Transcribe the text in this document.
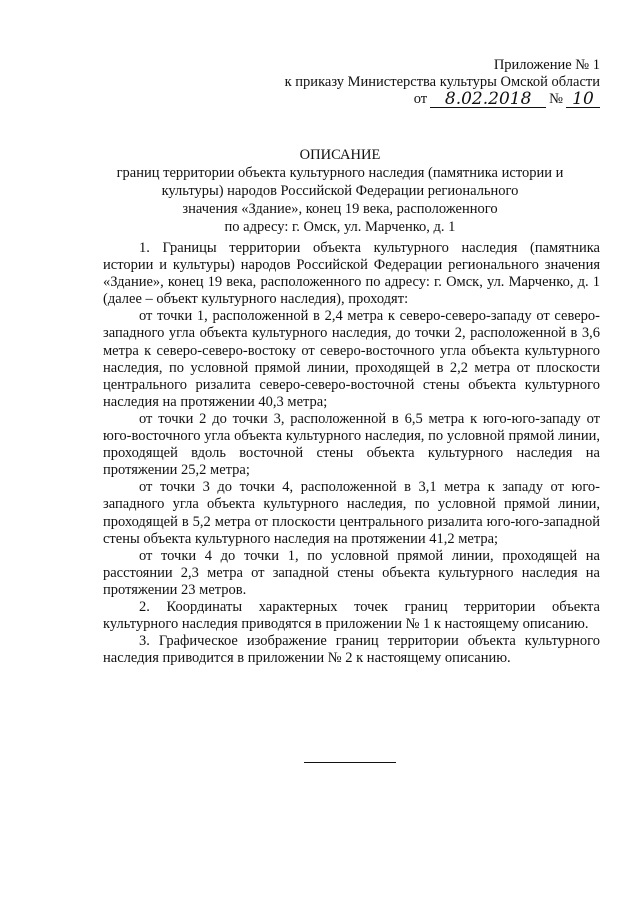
Приложение № 1
к приказу Министерства культуры Омской области
от	8.02.2018	№ 10
ОПИСАНИЕ
границ территории объекта культурного наследия (памятника истории и
культуры) народов Российской Федерации регионального
значения «Здание», конец 19 века, расположенного
по адресу: г. Омск, ул. Марченко, д. 1

1. Границы территории объекта культурного наследия (памятника истории и культуры) народов Российской Федерации регионального значения «Здание», конец 19 века, расположенного по адресу: г. Омск, ул. Марченко, д. 1 (далее – объект культурного наследия), проходят:

от точки 1, расположенной в 2,4 метра к северо-северо-западу от северо-западного угла объекта культурного наследия, до точки 2, расположенной в 3,6 метра к северо-северо-востоку от северо-восточного угла объекта культурного наследия, по условной прямой линии, проходящей в 2,2 метра от плоскости центрального ризалита северо-северо-восточной стены объекта культурного наследия на протяжении 40,3 метра;

от точки 2 до точки 3, расположенной в 6,5 метра к юго-юго-западу от юго-восточного угла объекта культурного наследия, по условной прямой линии, проходящей вдоль восточной стены объекта культурного наследия на протяжении 25,2 метра;

от точки 3 до точки 4, расположенной в 3,1 метра к западу от юго-западного угла объекта культурного наследия, по условной прямой линии, проходящей в 5,2 метра от плоскости центрального ризалита юго-юго-западной стены объекта культурного наследия на протяжении 41,2 метра;

от точки 4 до точки 1, по условной прямой линии, проходящей на расстоянии 2,3 метра от западной стены объекта культурного наследия на протяжении 23 метров.

2. Координаты характерных точек границ территории объекта культурного наследия приводятся в приложении № 1 к настоящему описанию.

3. Графическое изображение границ территории объекта культурного наследия приводится в приложении № 2 к настоящему описанию.
